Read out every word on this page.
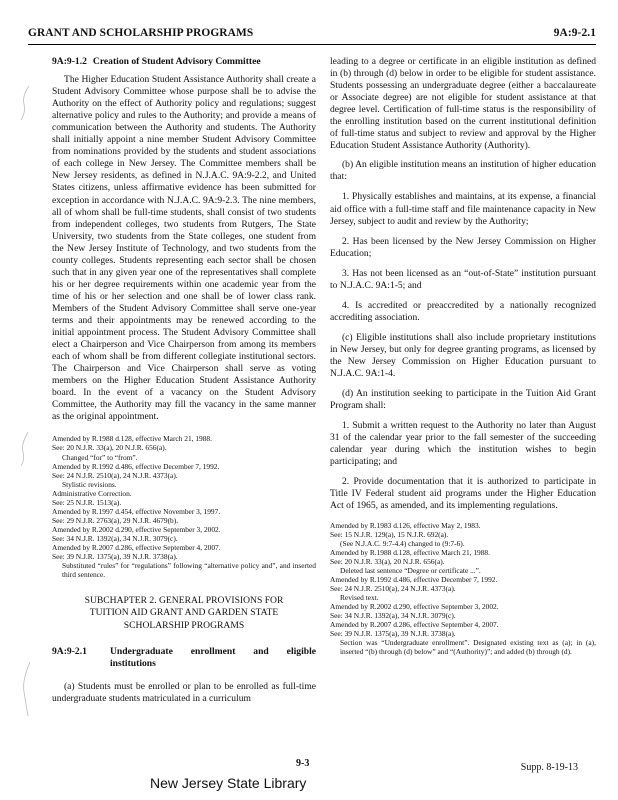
GRANT AND SCHOLARSHIP PROGRAMS	9A:9-2.1

9A:9-1.2 Creation of Student Advisory Committee

The Higher Education Student Assistance Authority shall create a Student Advisory Committee whose purpose shall be to advise the Authority on the effect of Authority policy and regulations; suggest alternative policy and rules to the Authority; and provide a means of communication between the Authority and students. The Authority shall initially appoint a nine member Student Advisory Committee from nominations provided by the students and student associations of each college in New Jersey. The Committee members shall be New Jersey residents, as defined in N.J.A.C. 9A:9-2.2, and United States citizens, unless affirmative evidence has been submitted for exception in accordance with N.J.A.C. 9A:9-2.3. The nine members, all of whom shall be full-time students, shall consist of two students from independent colleges, two students from Rutgers, The State University, two students from the State colleges, one student from the New Jersey Institute of Technology, and two students from the county colleges. Students representing each sector shall be chosen such that in any given year one of the representatives shall complete his or her degree requirements within one academic year from the time of his or her selection and one shall be of lower class rank. Members of the Student Advisory Committee shall serve one-year terms and their appointments may be renewed according to the initial appointment process. The Student Advisory Committee shall elect a Chairperson and Vice Chairperson from among its members each of whom shall be from different collegiate institutional sectors. The Chairperson and Vice Chairperson shall serve as voting members on the Higher Education Student Assistance Authority board. In the event of a vacancy on the Student Advisory Committee, the Authority may fill the vacancy in the same manner as the original appointment.

Amended by R.1988 d.128, effective March 21, 1988.

See: 20 N.J.R. 33(a), 20 N.J.R. 656(a).

Changed “for” to “from”.

Amended by R.1992 d.486, effective December 7, 1992.

See: 24 N.J.R. 2510(a), 24 N.J.R. 4373(a).

Stylistic revisions.

Administrative Correction.

See: 25 N.J.R. 1513(a).

Amended by R.1997 d.454, effective November 3, 1997.

See: 29 N.J.R. 2763(a), 29 N.J.R. 4679(b).

Amended by R.2002 d.290, effective September 3, 2002.

See: 34 N.J.R. 1392(a), 34 N.J.R. 3079(c).

Amended by R.2007 d.286, effective September 4, 2007.

See: 39 N.J.R. 1375(a), 39 N.J.R. 3738(a).

Substituted “rules” for “regulations” following “alternative policy and”, and inserted third sentence.

SUBCHAPTER 2. GENERAL PROVISIONS FOR

TUITION AID GRANT AND GARDEN STATE

SCHOLARSHIP PROGRAMS

9A:9-2.1	Undergraduate enrollment and eligible institutions

(a) Students must be enrolled or plan to be enrolled as full-time undergraduate students matriculated in a curriculum

leading to a degree or certificate in an eligible institution as defined in (b) through (d) below in order to be eligible for student assistance. Students possessing an undergraduate degree (either a baccalaureate or Associate degree) are not eligible for student assistance at that degree level. Certification of full-time status is the responsibility of the enrolling institution based on the current institutional definition of full-time status and subject to review and approval by the Higher Education Student Assistance Authority (Authority).

(b) An eligible institution means an institution of higher education that:

1. Physically establishes and maintains, at its expense, a financial aid office with a full-time staff and file maintenance capacity in New Jersey, subject to audit and review by the Authority;

2. Has been licensed by the New Jersey Commission on Higher Education;

3. Has not been licensed as an “out-of-State” institution pursuant to N.J.A.C. 9A:1-5; and

4. Is accredited or preaccredited by a nationally recognized accrediting association.

(c) Eligible institutions shall also include proprietary institutions in New Jersey, but only for degree granting programs, as licensed by the New Jersey Commission on Higher Education pursuant to N.J.A.C. 9A:1-4.

(d) An institution seeking to participate in the Tuition Aid Grant Program shall:

1. Submit a written request to the Authority no later than August 31 of the calendar year prior to the fall semester of the succeeding calendar year during which the institution wishes to begin participating; and

2. Provide documentation that it is authorized to participate in Title IV Federal student aid programs under the Higher Education Act of 1965, as amended, and its implementing regulations.

Amended by R.1983 d.126, effective May 2, 1983.

See: 15 N.J.R. 129(a), 15 N.J.R. 692(a).

(See N.J.A.C. 9:7-4.4) changed to (9:7-6).

Amended by R.1988 d.128, effective March 21, 1988.

See: 20 N.J.R. 33(a), 20 N.J.R. 656(a).

Deleted last sentence “Degree or certificate ...”.

Amended by R.1992 d.486, effective December 7, 1992.

See: 24 N.J.R. 2510(a), 24 N.J.R. 4373(a).

Revised text.

Amended by R.2002 d.290, effective September 3, 2002.

See: 34 N.J.R. 1392(a), 34 N.J.R. 3079(c).

Amended by R.2007 d.286, effective September 4, 2007.

See: 39 N.J.R. 1375(a), 39 N.J.R. 3738(a).

Section was “Undergraduate enrollment”. Designated existing text as (a); in (a), inserted “(b) through (d) below” and “(Authority)”; and added (b) through (d).

9-3	Supp. 8-19-13
New Jersey State Library
